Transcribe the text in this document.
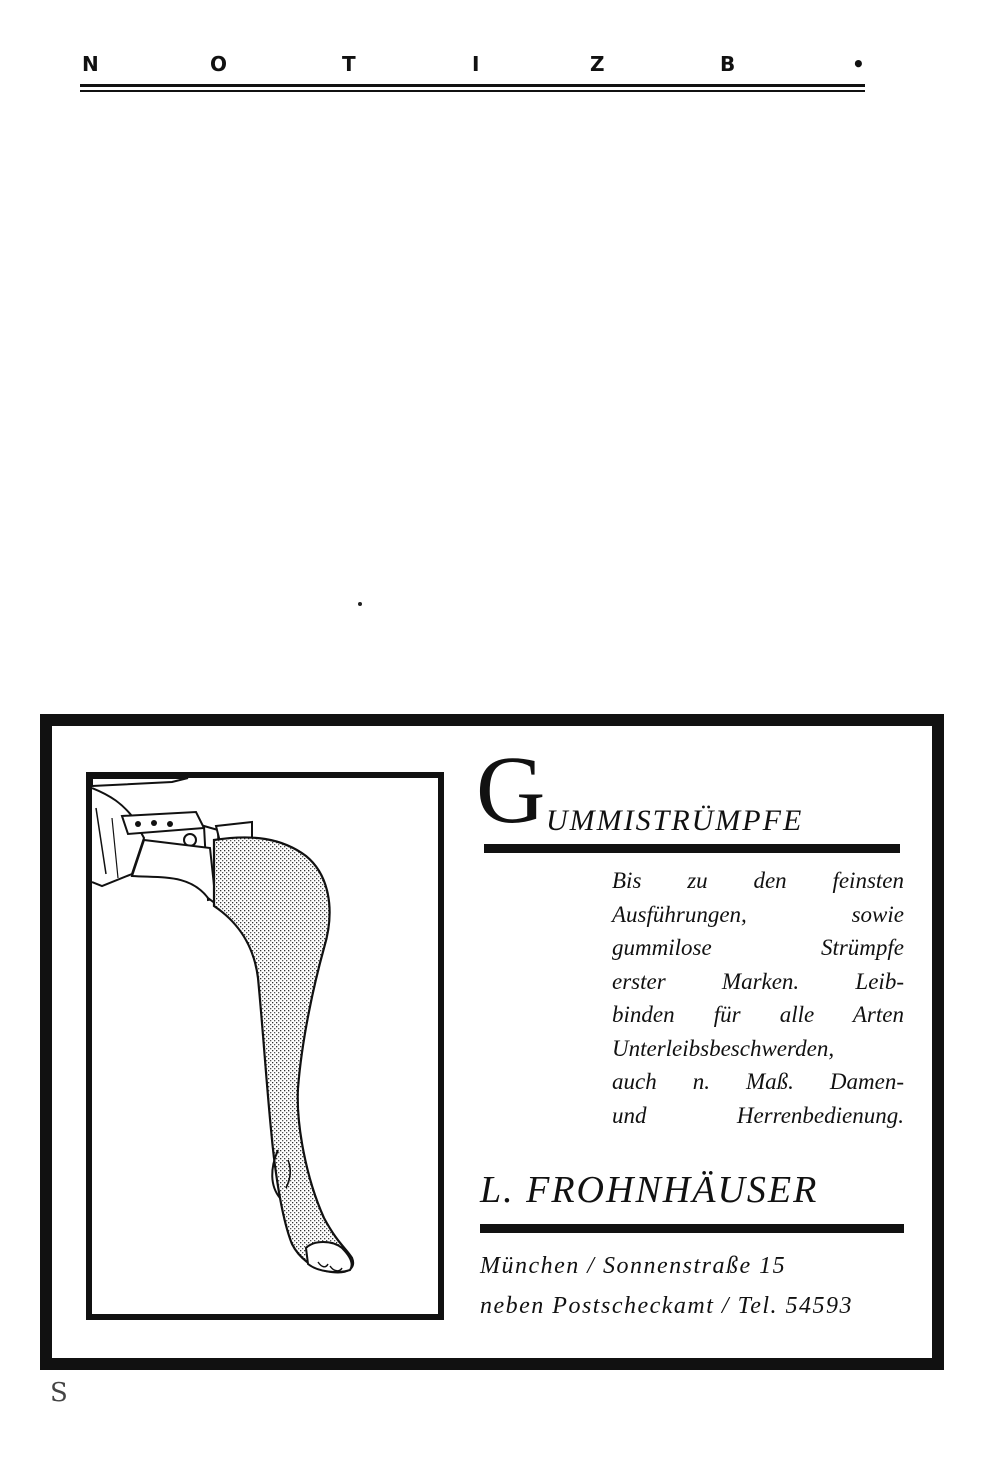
N	O	T	I	Z	B	•
G UMMISTRÜMPFE
Bis zu den feinsten
Ausführungen, sowie
gummilose Strümpfe
erster Marken. Leib-
binden für alle Arten
Unterleibsbeschwerden,
auch n. Maß. Damen-
und Herrenbedienung.
L. FROHNHÄUSER
München / Sonnenstraße 15
neben Postscheckamt / Tel. 54593
S
